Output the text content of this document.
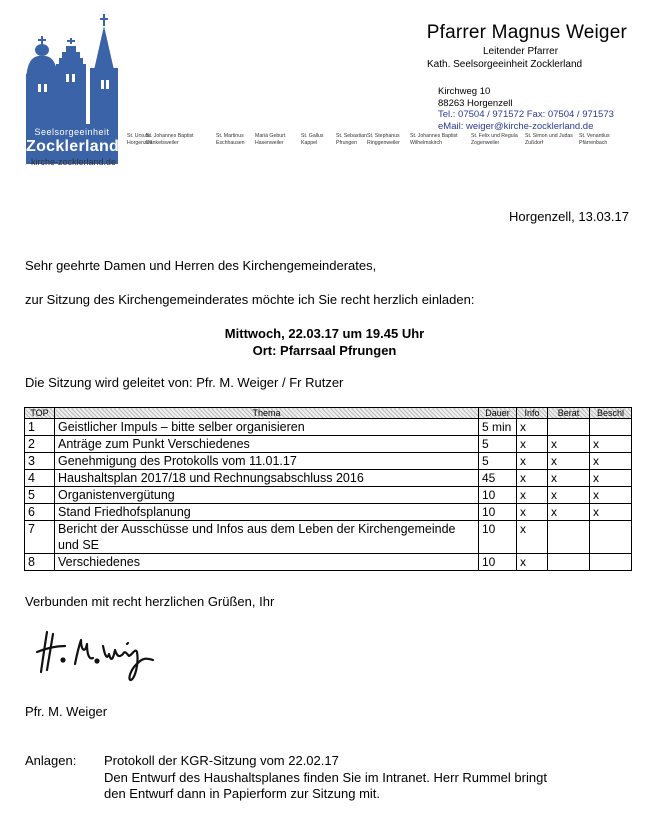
Seelsorgeeinheit
Zocklerland
kirche-zocklerland.de
Pfarrer Magnus Weiger
Leitender Pfarrer
Kath. Seelsorgeeinheit Zocklerland
Kirchweg 10
88263 Horgenzell
Tel.: 07504 / 971572 Fax: 07504 / 971573
eMail: weiger@kirche-zocklerland.de
St. Ursula
Horgenzell
St. Johannes Baptist
Danketsweiler
St. Martinus
Eschhausen
Mariä Geburt
Hasenweiler
St. Gallus
Kappel
St. Sebastian
Pfrungen
St. Stephanus
Ringgenweiler
St. Johannes Baptist
Wilhelmskirch
St. Felix und Regula
Zogenweiler
St. Simon und Judas
Zußdorf
St. Venantius
Pfärrenbach
Horgenzell, 13.03.17
Sehr geehrte Damen und Herren des Kirchengemeinderates,
zur Sitzung des Kirchengemeinderates möchte ich Sie recht herzlich einladen:
Mittwoch, 22.03.17 um 19.45 Uhr
Ort: Pfarrsaal Pfrungen
Die Sitzung wird geleitet von: Pfr. M. Weiger / Fr Rutzer
TOP	Thema	Dauer	Info	Berat	Beschl
1	Geistlicher Impuls – bitte selber organisieren	5 min	x		
2	Anträge zum Punkt Verschiedenes	5	x	x	x
3	Genehmigung des Protokolls vom 11.01.17	5	x	x	x
4	Haushaltsplan 2017/18 und Rechnungsabschluss 2016	45	x	x	x
5	Organistenvergütung	10	x	x	x
6	Stand Friedhofsplanung	10	x	x	x
7	Bericht der Ausschüsse und Infos aus dem Leben der Kirchengemeinde und SE	10	x		
8	Verschiedenes	10	x		
Verbunden mit recht herzlichen Grüßen, Ihr
Pfr. M. Weiger
Anlagen: Protokoll der KGR-Sitzung vom 22.02.17
Den Entwurf des Haushaltsplanes finden Sie im Intranet. Herr Rummel bringt
den Entwurf dann in Papierform zur Sitzung mit.
